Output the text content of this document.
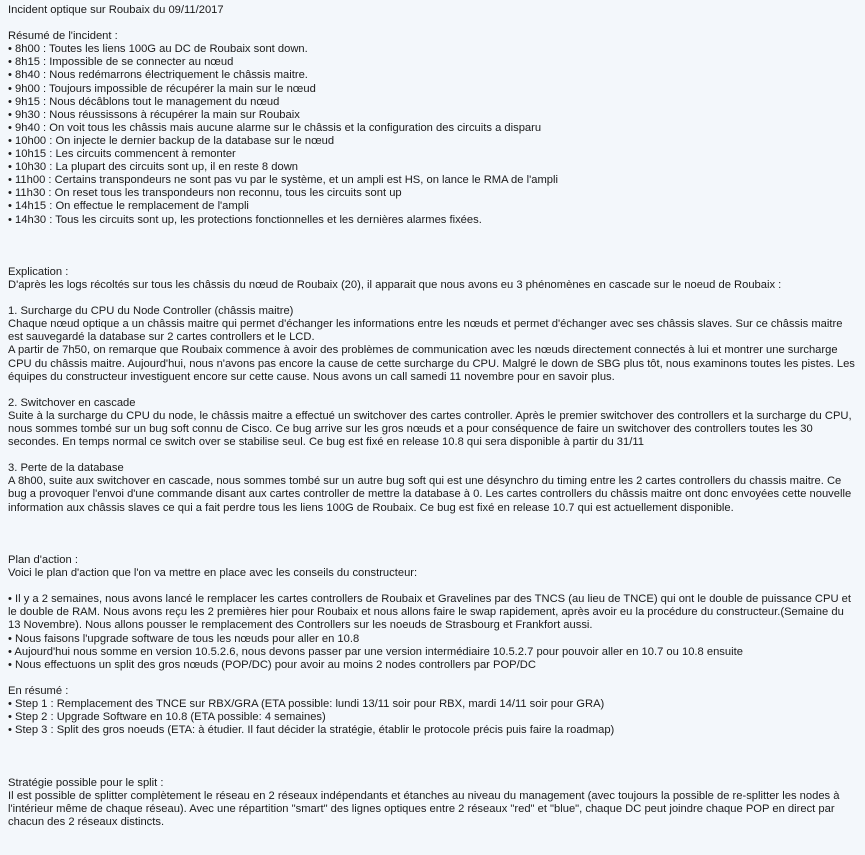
Incident optique sur Roubaix du 09/11/2017
Résumé de l'incident :
• 8h00 : Toutes les liens 100G au DC de Roubaix sont down.
• 8h15 : Impossible de se connecter au nœud
• 8h40 : Nous redémarrons électriquement le châssis maitre.
• 9h00 : Toujours impossible de récupérer la main sur le nœud
• 9h15 : Nous décâblons tout le management du nœud
• 9h30 : Nous réussissons à récupérer la main sur Roubaix
• 9h40 : On voit tous les châssis mais aucune alarme sur le châssis et la configuration des circuits a disparu
• 10h00 : On injecte le dernier backup de la database sur le nœud
• 10h15 : Les circuits commencent à remonter
• 10h30 : La plupart des circuits sont up, il en reste 8 down
• 11h00 : Certains transpondeurs ne sont pas vu par le système, et un ampli est HS, on lance le RMA de l'ampli
• 11h30 : On reset tous les transpondeurs non reconnu, tous les circuits sont up
• 14h15 : On effectue le remplacement de l'ampli
• 14h30 : Tous les circuits sont up, les protections fonctionnelles et les dernières alarmes fixées.
Explication :
D'après les logs récoltés sur tous les châssis du nœud de Roubaix (20), il apparait que nous avons eu 3 phénomènes en cascade sur le noeud de Roubaix :
1. Surcharge du CPU du Node Controller (châssis maitre)
Chaque nœud optique a un châssis maitre qui permet d'échanger les informations entre les nœuds et permet d'échanger avec ses châssis slaves. Sur ce châssis maitre est sauvegardé la database sur 2 cartes controllers et le LCD.
A partir de 7h50, on remarque que Roubaix commence à avoir des problèmes de communication avec les nœuds directement connectés à lui et montrer une surcharge CPU du châssis maitre. Aujourd'hui, nous n'avons pas encore la cause de cette surcharge du CPU. Malgré le down de SBG plus tôt, nous examinons toutes les pistes. Les équipes du constructeur investiguent encore sur cette cause. Nous avons un call samedi 11 novembre pour en savoir plus.
2. Switchover en cascade
Suite à la surcharge du CPU du node, le châssis maitre a effectué un switchover des cartes controller. Après le premier switchover des controllers et la surcharge du CPU, nous sommes tombé sur un bug soft connu de Cisco. Ce bug arrive sur les gros nœuds et a pour conséquence de faire un switchover des controllers toutes les 30 secondes. En temps normal ce switch over se stabilise seul. Ce bug est fixé en release 10.8 qui sera disponible à partir du 31/11
3. Perte de la database
A 8h00, suite aux switchover en cascade, nous sommes tombé sur un autre bug soft qui est une désynchro du timing entre les 2 cartes controllers du chassis maitre. Ce bug a provoquer l'envoi d'une commande disant aux cartes controller de mettre la database à 0. Les cartes controllers du châssis maitre ont donc envoyées cette nouvelle information aux châssis slaves ce qui a fait perdre tous les liens 100G de Roubaix. Ce bug est fixé en release 10.7 qui est actuellement disponible.
Plan d'action :
Voici le plan d'action que l'on va mettre en place avec les conseils du constructeur:
• Il y a 2 semaines, nous avons lancé le remplacer les cartes controllers de Roubaix et Gravelines par des TNCS (au lieu de TNCE) qui ont le double de puissance CPU et le double de RAM. Nous avons reçu les 2 premières hier pour Roubaix et nous allons faire le swap rapidement, après avoir eu la procédure du constructeur.(Semaine du 13 Novembre). Nous allons pousser le remplacement des Controllers sur les noeuds de Strasbourg et Frankfort aussi.
• Nous faisons l'upgrade software de tous les nœuds pour aller en 10.8
• Aujourd'hui nous somme en version 10.5.2.6, nous devons passer par une version intermédiaire 10.5.2.7 pour pouvoir aller en 10.7 ou 10.8 ensuite
• Nous effectuons un split des gros nœuds (POP/DC) pour avoir au moins 2 nodes controllers par POP/DC
En résumé :
• Step 1 : Remplacement des TNCE sur RBX/GRA (ETA possible: lundi 13/11 soir pour RBX, mardi 14/11 soir pour GRA)
• Step 2 : Upgrade Software en 10.8 (ETA possible: 4 semaines)
• Step 3 : Split des gros noeuds (ETA: à étudier. Il faut décider la stratégie, établir le protocole précis puis faire la roadmap)
Stratégie possible pour le split :
Il est possible de splitter complètement le réseau en 2 réseaux indépendants et étanches au niveau du management (avec toujours la possible de re-splitter les nodes à l'intérieur même de chaque réseau). Avec une répartition "smart" des lignes optiques entre 2 réseaux "red" et "blue", chaque DC peut joindre chaque POP en direct par chacun des 2 réseaux distincts.
